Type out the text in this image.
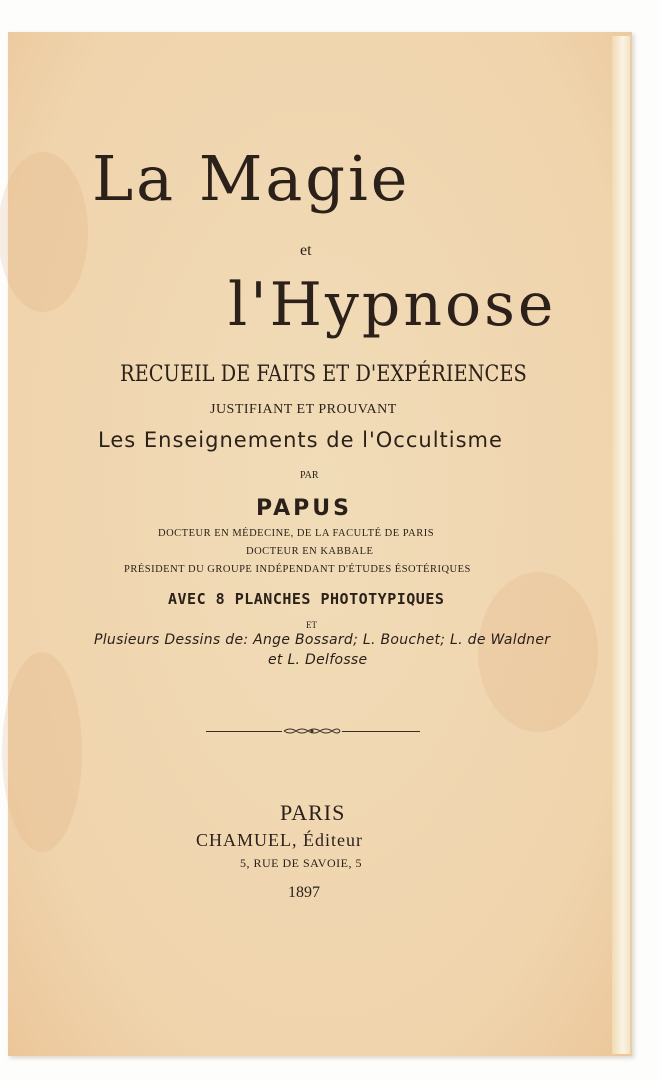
La Magie
et
l'Hypnose
RECUEIL DE FAITS ET D'EXPÉRIENCES
JUSTIFIANT ET PROUVANT
Les Enseignements de l'Occultisme
PAR
PAPUS
DOCTEUR EN MÉDECINE, DE LA FACULTÉ DE PARIS
DOCTEUR EN KABBALE
PRÉSIDENT DU GROUPE INDÉPENDANT D'ÉTUDES ÉSOTÉRIQUES
AVEC 8 PLANCHES PHOTOTYPIQUES
ET
Plusieurs Dessins de: Ange Bossard; L. Bouchet; L. de Waldner
et L. Delfosse
PARIS
CHAMUEL, Éditeur
5, RUE DE SAVOIE, 5
1897
